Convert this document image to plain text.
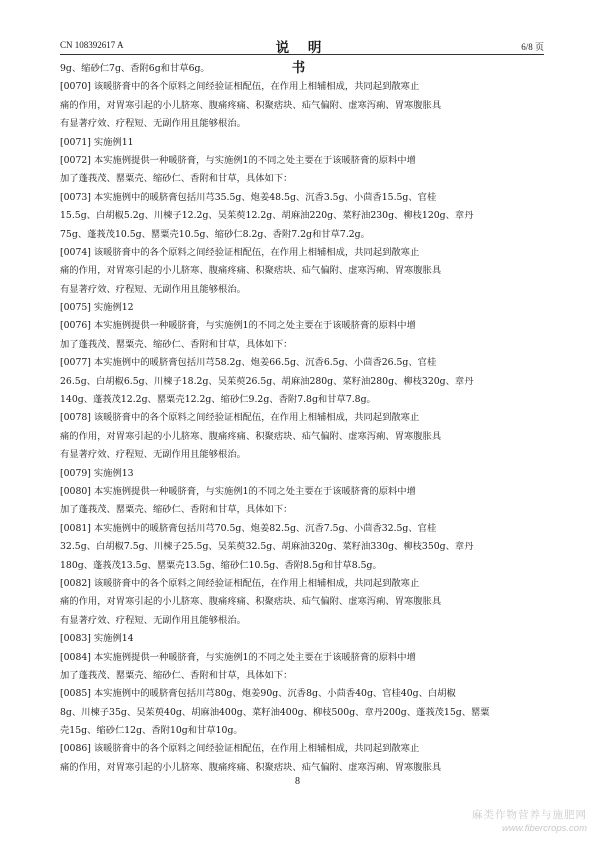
CN 108392617 A	说 明 书
6/8 页
9g、缩砂仁7g、香附6g和甘草6g。
[0070] 该暖脐膏中的各个原料之间经验证相配伍，在作用上相辅相成，共同起到散寒止
痛的作用，对胃寒引起的小儿脐寒、腹痛疼痛、积聚痞块、疝气偏附、虚寒泻痢、胃寒腹胀具
有显著疗效、疗程短、无副作用且能够根治。
[0071] 实施例11
[0072] 本实施例提供一种暖脐膏，与实施例1的不同之处主要在于该暖脐膏的原料中增
加了蓬莪茂、罂粟壳、缩砂仁、香附和甘草，具体如下：
[0073] 本实施例中的暖脐膏包括川芎35.5g、炮姜48.5g、沉香3.5g、小茴香15.5g、官桂
15.5g、白胡椒5.2g、川楝子12.2g、吴茱萸12.2g、胡麻油220g、菜籽油230g、柳枝120g、章丹
75g、蓬莪茂10.5g、罂粟壳10.5g、缩砂仁8.2g、香附7.2g和甘草7.2g。
[0074] 该暖脐膏中的各个原料之间经验证相配伍，在作用上相辅相成，共同起到散寒止
痛的作用，对胃寒引起的小儿脐寒、腹痛疼痛、积聚痞块、疝气偏附、虚寒泻痢、胃寒腹胀具
有显著疗效、疗程短、无副作用且能够根治。
[0075] 实施例12
[0076] 本实施例提供一种暖脐膏，与实施例1的不同之处主要在于该暖脐膏的原料中增
加了蓬莪茂、罂粟壳、缩砂仁、香附和甘草，具体如下：
[0077] 本实施例中的暖脐膏包括川芎58.2g、炮姜66.5g、沉香6.5g、小茴香26.5g、官桂
26.5g、白胡椒6.5g、川楝子18.2g、吴茱萸26.5g、胡麻油280g、菜籽油280g、柳枝320g、章丹
140g、蓬莪茂12.2g、罂粟壳12.2g、缩砂仁9.2g、香附7.8g和甘草7.8g。
[0078] 该暖脐膏中的各个原料之间经验证相配伍，在作用上相辅相成，共同起到散寒止
痛的作用，对胃寒引起的小儿脐寒、腹痛疼痛、积聚痞块、疝气偏附、虚寒泻痢、胃寒腹胀具
有显著疗效、疗程短、无副作用且能够根治。
[0079] 实施例13
[0080] 本实施例提供一种暖脐膏，与实施例1的不同之处主要在于该暖脐膏的原料中增
加了蓬莪茂、罂粟壳、缩砂仁、香附和甘草，具体如下：
[0081] 本实施例中的暖脐膏包括川芎70.5g、炮姜82.5g、沉香7.5g、小茴香32.5g、官桂
32.5g、白胡椒7.5g、川楝子25.5g、吴茱萸32.5g、胡麻油320g、菜籽油330g、柳枝350g、章丹
180g、蓬莪茂13.5g、罂粟壳13.5g、缩砂仁10.5g、香附8.5g和甘草8.5g。
[0082] 该暖脐膏中的各个原料之间经验证相配伍，在作用上相辅相成，共同起到散寒止
痛的作用，对胃寒引起的小儿脐寒、腹痛疼痛、积聚痞块、疝气偏附、虚寒泻痢、胃寒腹胀具
有显著疗效、疗程短、无副作用且能够根治。
[0083] 实施例14
[0084] 本实施例提供一种暖脐膏，与实施例1的不同之处主要在于该暖脐膏的原料中增
加了蓬莪茂、罂粟壳、缩砂仁、香附和甘草，具体如下：
[0085] 本实施例中的暖脐膏包括川芎80g、炮姜90g、沉香8g、小茴香40g、官桂40g、白胡椒
8g、川楝子35g、吴茱萸40g、胡麻油400g、菜籽油400g、柳枝500g、章丹200g、蓬莪茂15g、罂粟
壳15g、缩砂仁12g、香附10g和甘草10g。
[0086] 该暖脐膏中的各个原料之间经验证相配伍，在作用上相辅相成，共同起到散寒止
痛的作用，对胃寒引起的小儿脐寒、腹痛疼痛、积聚痞块、疝气偏附、虚寒泻痢、胃寒腹胀具
8
麻类作物营养与施肥网
www.fibercrops.com
